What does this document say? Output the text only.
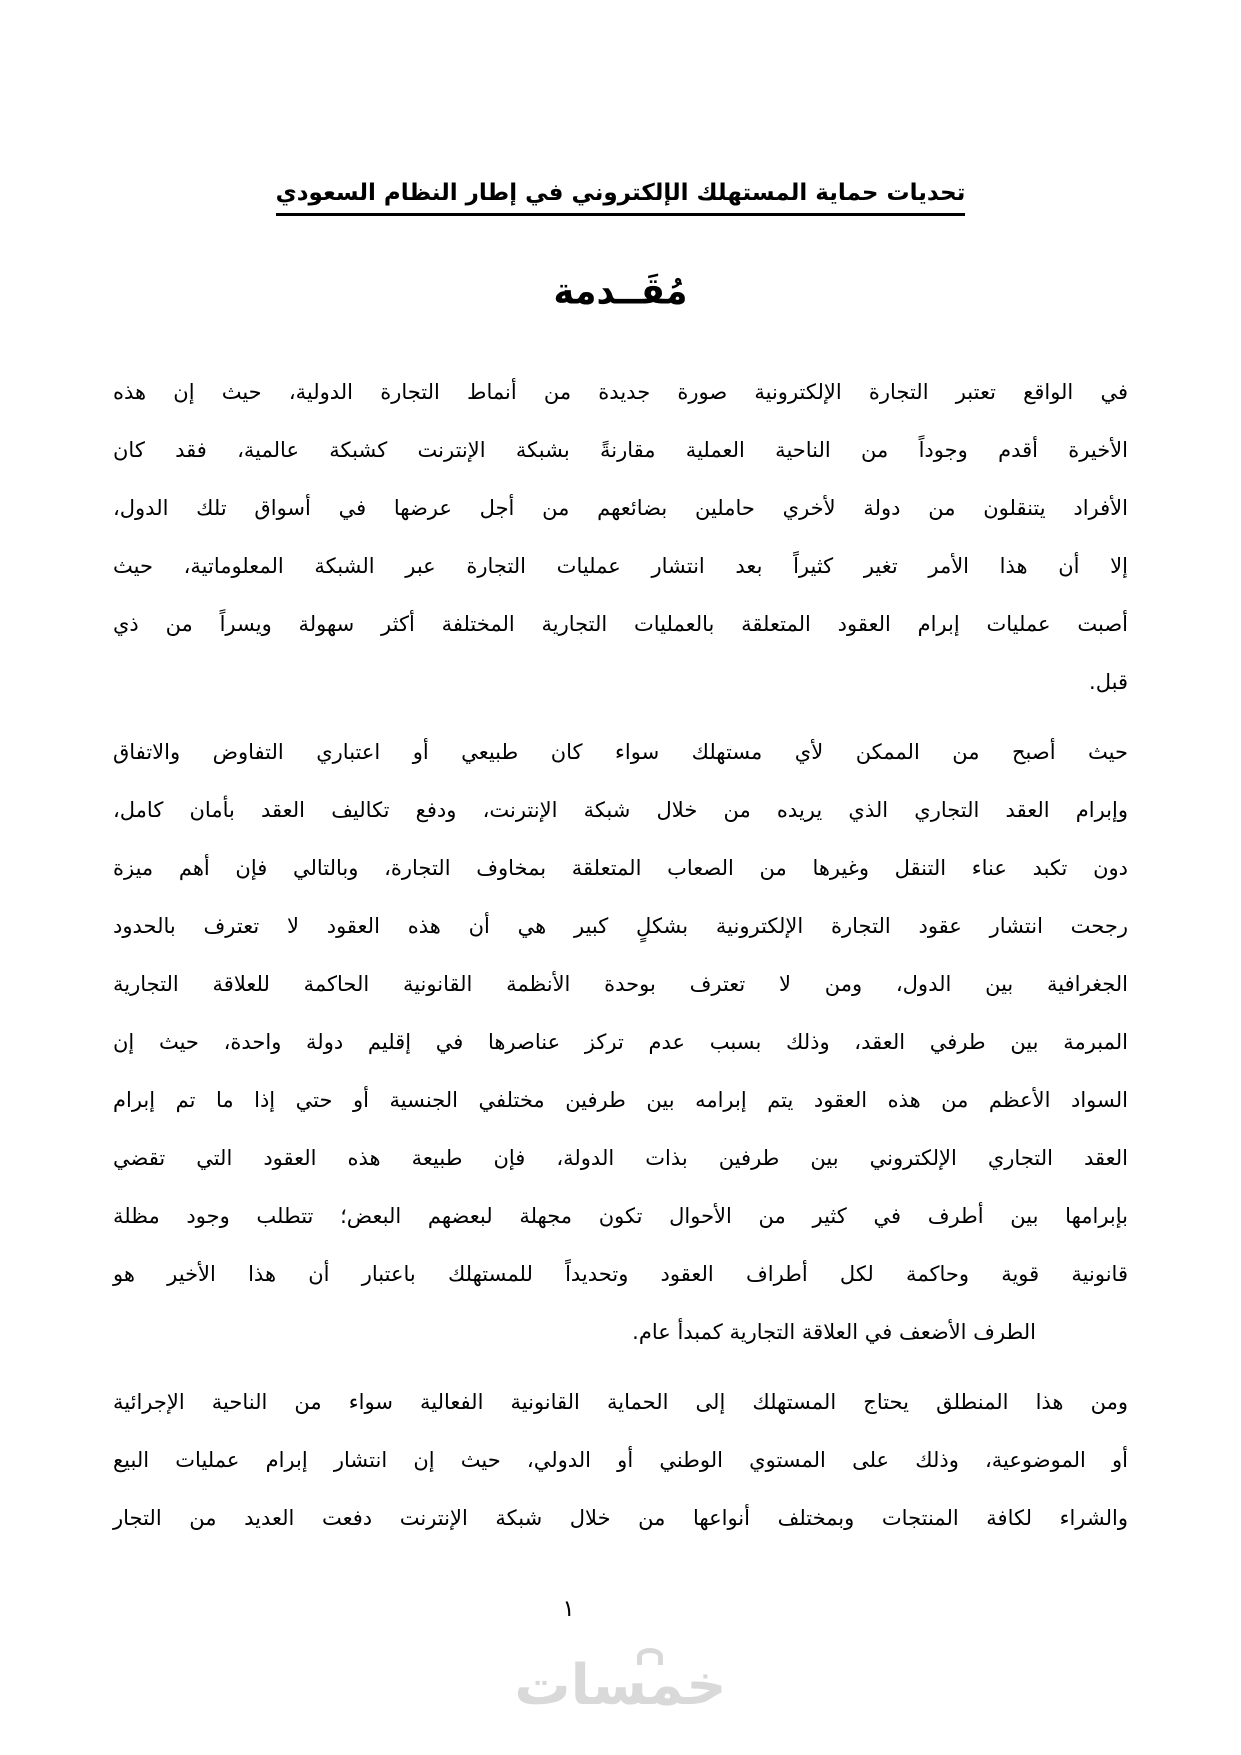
تحديات حماية المستهلك الإلكتروني في إطار النظام السعودي
مُقَــدمة
في الواقع تعتبر التجارة الإلكترونية صورة جديدة من أنماط التجارة الدولية، حيث إن هذه
الأخيرة أقدم وجوداً من الناحية العملية مقارنةً بشبكة الإنترنت كشبكة عالمية، فقد كان
الأفراد يتنقلون من دولة لأخري حاملين بضائعهم من أجل عرضها في أسواق تلك الدول،
إلا أن هذا الأمر تغير كثيراً بعد انتشار عمليات التجارة عبر الشبكة المعلوماتية، حيث
أصبت عمليات إبرام العقود المتعلقة بالعمليات التجارية المختلفة أكثر سهولة ويسراً من ذي
قبل.
حيث أصبح من الممكن لأي مستهلك سواء كان طبيعي أو اعتباري التفاوض والاتفاق
وإبرام العقد التجاري الذي يريده من خلال شبكة الإنترنت، ودفع تكاليف العقد بأمان كامل،
دون تكبد عناء التنقل وغيرها من الصعاب المتعلقة بمخاوف التجارة، وبالتالي فإن أهم ميزة
رجحت انتشار عقود التجارة الإلكترونية بشكلٍ كبير هي أن هذه العقود لا تعترف بالحدود
الجغرافية بين الدول، ومن لا تعترف بوحدة الأنظمة القانونية الحاكمة للعلاقة التجارية
المبرمة بين طرفي العقد، وذلك بسبب عدم تركز عناصرها في إقليم دولة واحدة، حيث إن
السواد الأعظم من هذه العقود يتم إبرامه بين طرفين مختلفي الجنسية أو حتي إذا ما تم إبرام
العقد التجاري الإلكتروني بين طرفين بذات الدولة، فإن طبيعة هذه العقود التي تقضي
بإبرامها بين أطرف في كثير من الأحوال تكون مجهلة لبعضهم البعض؛ تتطلب وجود مظلة
قانونية قوية وحاكمة لكل أطراف العقود وتحديداً للمستهلك باعتبار أن هذا الأخير هو
الطرف الأضعف في العلاقة التجارية كمبدأ عام.
ومن هذا المنطلق يحتاج المستهلك إلى الحماية القانونية الفعالية سواء من الناحية الإجرائية
أو الموضوعية، وذلك على المستوي الوطني أو الدولي، حيث إن انتشار إبرام عمليات البيع
والشراء لكافة المنتجات وبمختلف أنواعها من خلال شبكة الإنترنت دفعت العديد من التجار
١
خمسات
